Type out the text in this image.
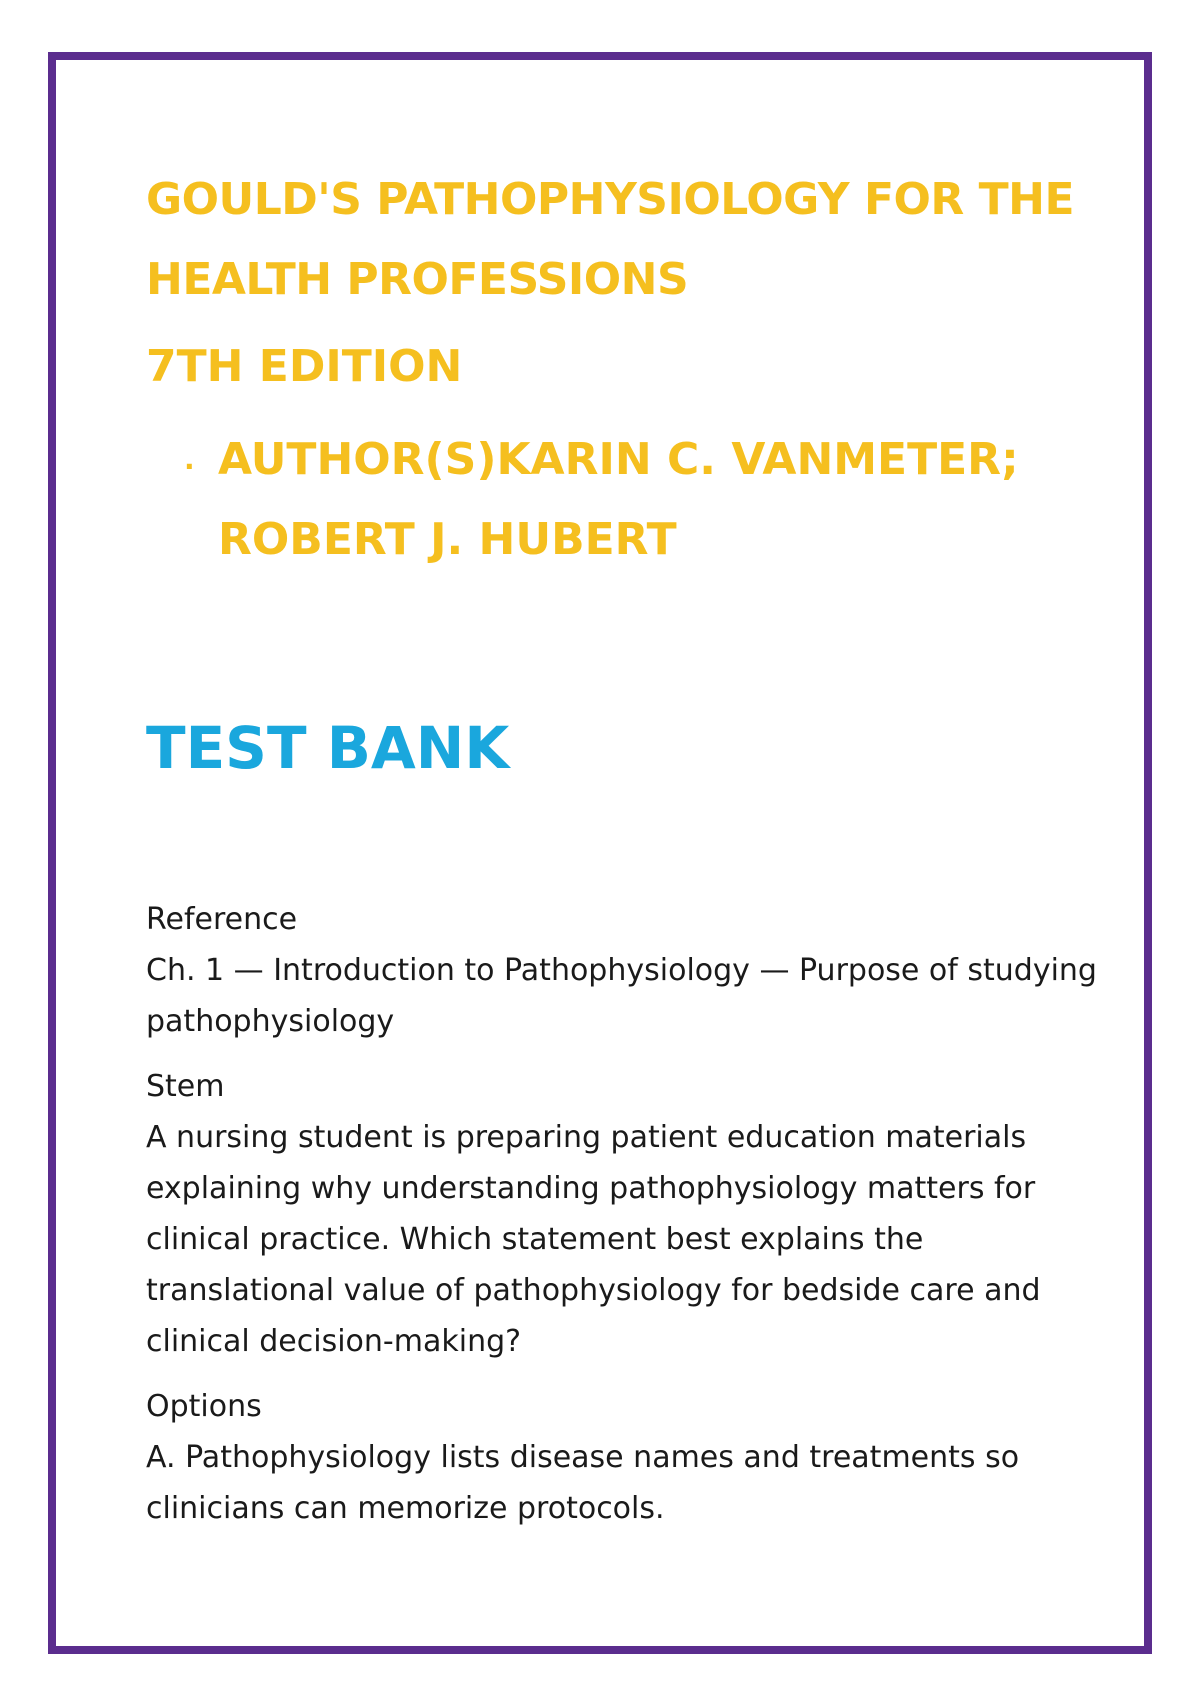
GOULD'S PATHOPHYSIOLOGY FOR THE HEALTH PROFESSIONS
7TH EDITION
. AUTHOR(S)KARIN C. VANMETER; ROBERT J. HUBERT
TEST BANK
Reference
Ch. 1 — Introduction to Pathophysiology — Purpose of studying pathophysiology
Stem
A nursing student is preparing patient education materials explaining why understanding pathophysiology matters for clinical practice. Which statement best explains the translational value of pathophysiology for bedside care and clinical decision-making?
Options
A. Pathophysiology lists disease names and treatments so clinicians can memorize protocols.
